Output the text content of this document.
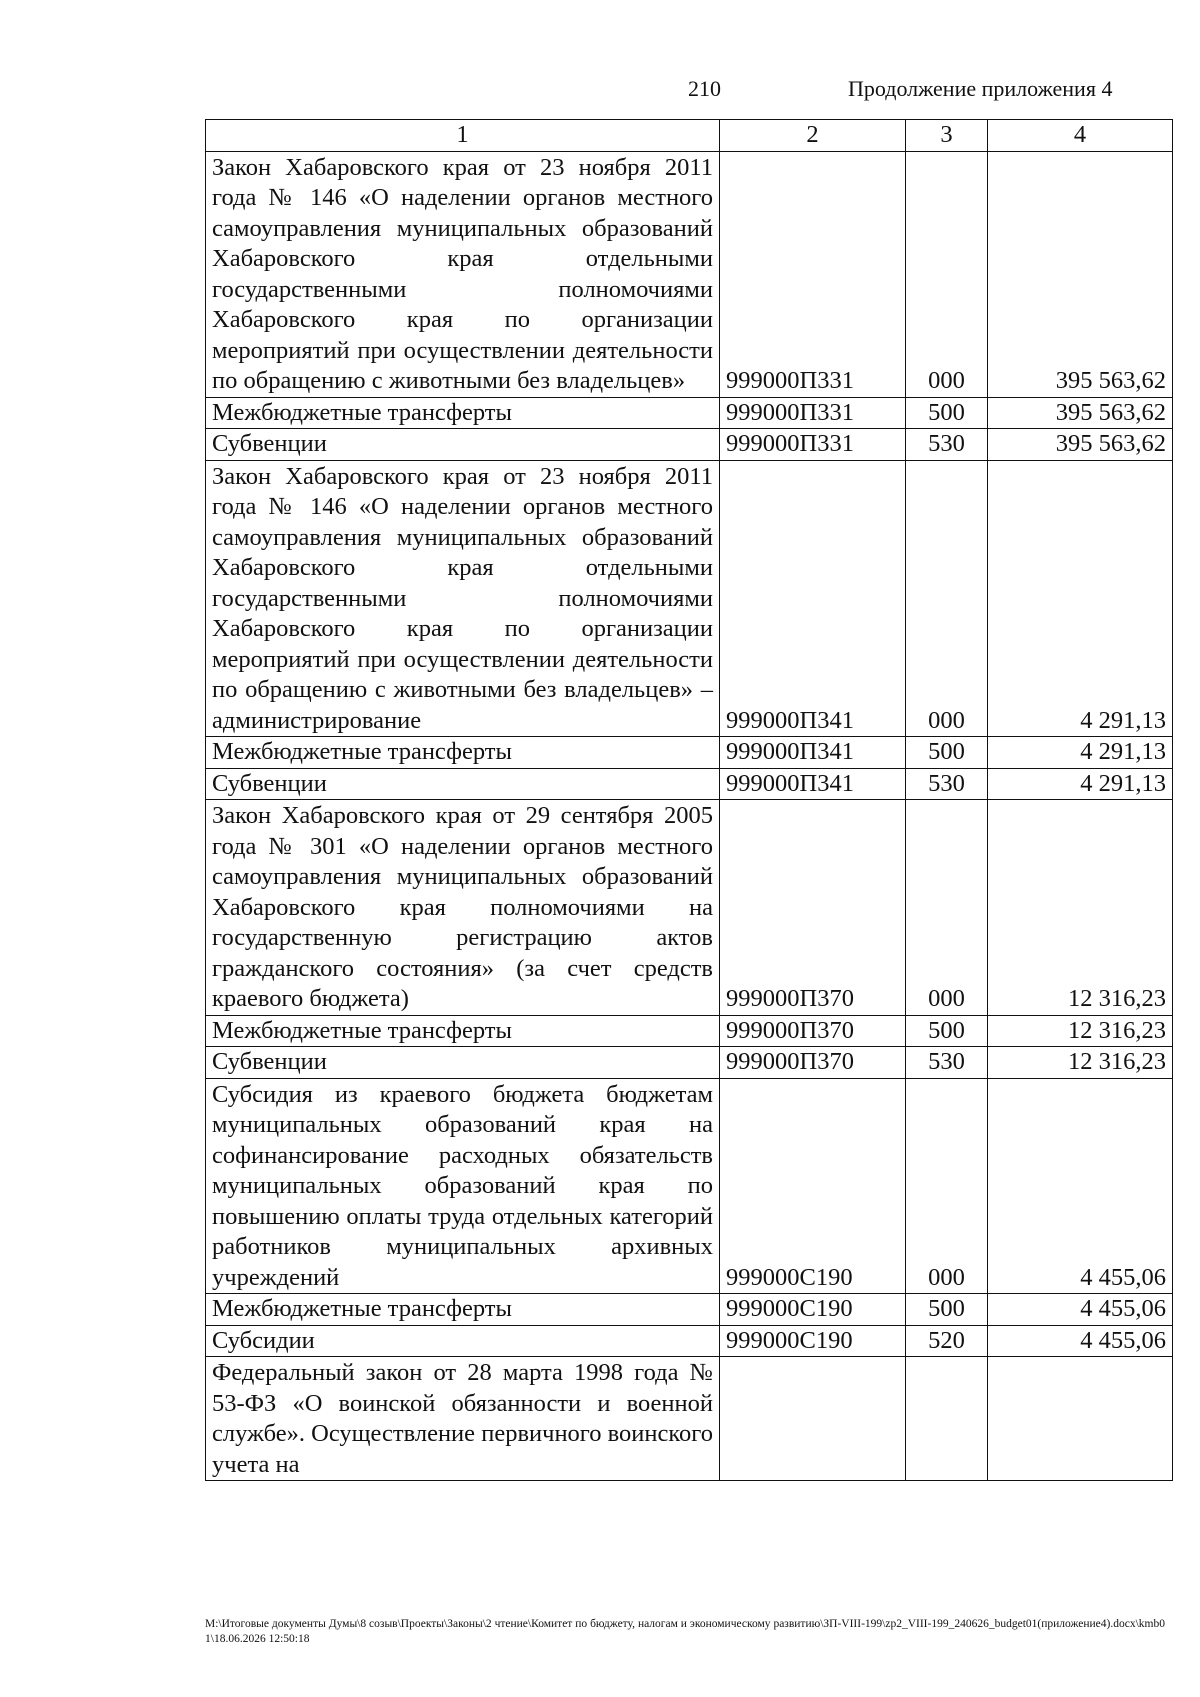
210	Продолжение приложения 4
1	2	3	4
Закон Хабаровского края от 23 ноября 2011 года № 146 «О наделении органов местного самоуправления муниципальных образований Хабаровского края отдельными государственными полномочиями Хабаровского края по организации мероприятий при осуществлении деятельности по обращению с животными без владельцев»	999000П331	000	395 563,62
Межбюджетные трансферты	999000П331	500	395 563,62
Субвенции	999000П331	530	395 563,62
Закон Хабаровского края от 23 ноября 2011 года № 146 «О наделении органов местного самоуправления муниципальных образований Хабаровского края отдельными государственными полномочиями Хабаровского края по организации мероприятий при осуществлении деятельности по обращению с животными без владельцев» – администрирование	999000П341	000	4 291,13
Межбюджетные трансферты	999000П341	500	4 291,13
Субвенции	999000П341	530	4 291,13
Закон Хабаровского края от 29 сентября 2005 года № 301 «О наделении органов местного самоуправления муниципальных образований Хабаровского края полномочиями на государственную регистрацию актов гражданского состояния» (за счет средств краевого бюджета)	999000П370	000	12 316,23
Межбюджетные трансферты	999000П370	500	12 316,23
Субвенции	999000П370	530	12 316,23
Субсидия из краевого бюджета бюджетам муниципальных образований края на софинансирование расходных обязательств муниципальных образований края по повышению оплаты труда отдельных категорий работников муниципальных архивных учреждений	999000С190	000	4 455,06
Межбюджетные трансферты	999000С190	500	4 455,06
Субсидии	999000С190	520	4 455,06
Федеральный закон от 28 марта 1998 года № 53-ФЗ «О воинской обязанности и военной службе». Осуществление первичного воинского учета на			
M:\Итоговые документы Думы\8 созыв\Проекты\Законы\2 чтение\Комитет по бюджету, налогам и экономическому развитию\ЗП-VIII-199\zp2_VIII-199_240626_budget01(приложение4).docx\kmb01\18.06.2026 12:50:18
